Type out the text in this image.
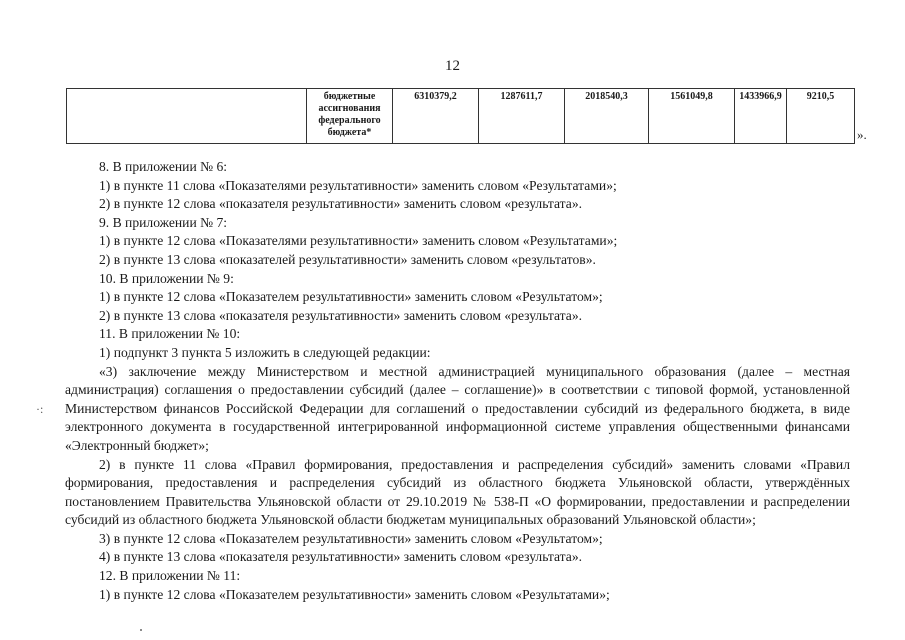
12
	бюджетные ассигнования федерального бюджета*	6310379,2	1287611,7	2018540,3	1561049,8	1433966,9	9210,5
».
·:

8. В приложении № 6:

1) в пункте 11 слова «Показателями результативности» заменить словом «Результатами»;

2) в пункте 12 слова «показателя результативности» заменить словом «результата».

9. В приложении № 7:

1) в пункте 12 слова «Показателями результативности» заменить словом «Результатами»;

2) в пункте 13 слова «показателей результативности» заменить словом «результатов».

10. В приложении № 9:

1) в пункте 12 слова «Показателем результативности» заменить словом «Результатом»;

2) в пункте 13 слова «показателя результативности» заменить словом «результата».

11. В приложении № 10:

1) подпункт 3 пункта 5 изложить в следующей редакции:

«3) заключение между Министерством и местной администрацией муниципального образования (далее – местная администрация) соглашения о предоставлении субсидий (далее – соглашение)» в соответствии с типовой формой, установленной Министерством финансов Российской Федерации для соглашений о предоставлении субсидий из федерального бюджета, в виде электронного документа в государственной интегрированной информационной системе управления общественными финансами «Электронный бюджет»;

2) в пункте 11 слова «Правил формирования, предоставления и распределения субсидий» заменить словами «Правил формирования, предоставления и распределения субсидий из областного бюджета Ульяновской области, утверждённых постановлением Правительства Ульяновской области от 29.10.2019 № 538-П «О формировании, предоставлении и распределении субсидий из областного бюджета Ульяновской области бюджетам муниципальных образований Ульяновской области»;

3) в пункте 12 слова «Показателем результативности» заменить словом «Результатом»;

4) в пункте 13 слова «показателя результативности» заменить словом «результата».

12. В приложении № 11:

1) в пункте 12 слова «Показателем результативности» заменить словом «Результатами»;
